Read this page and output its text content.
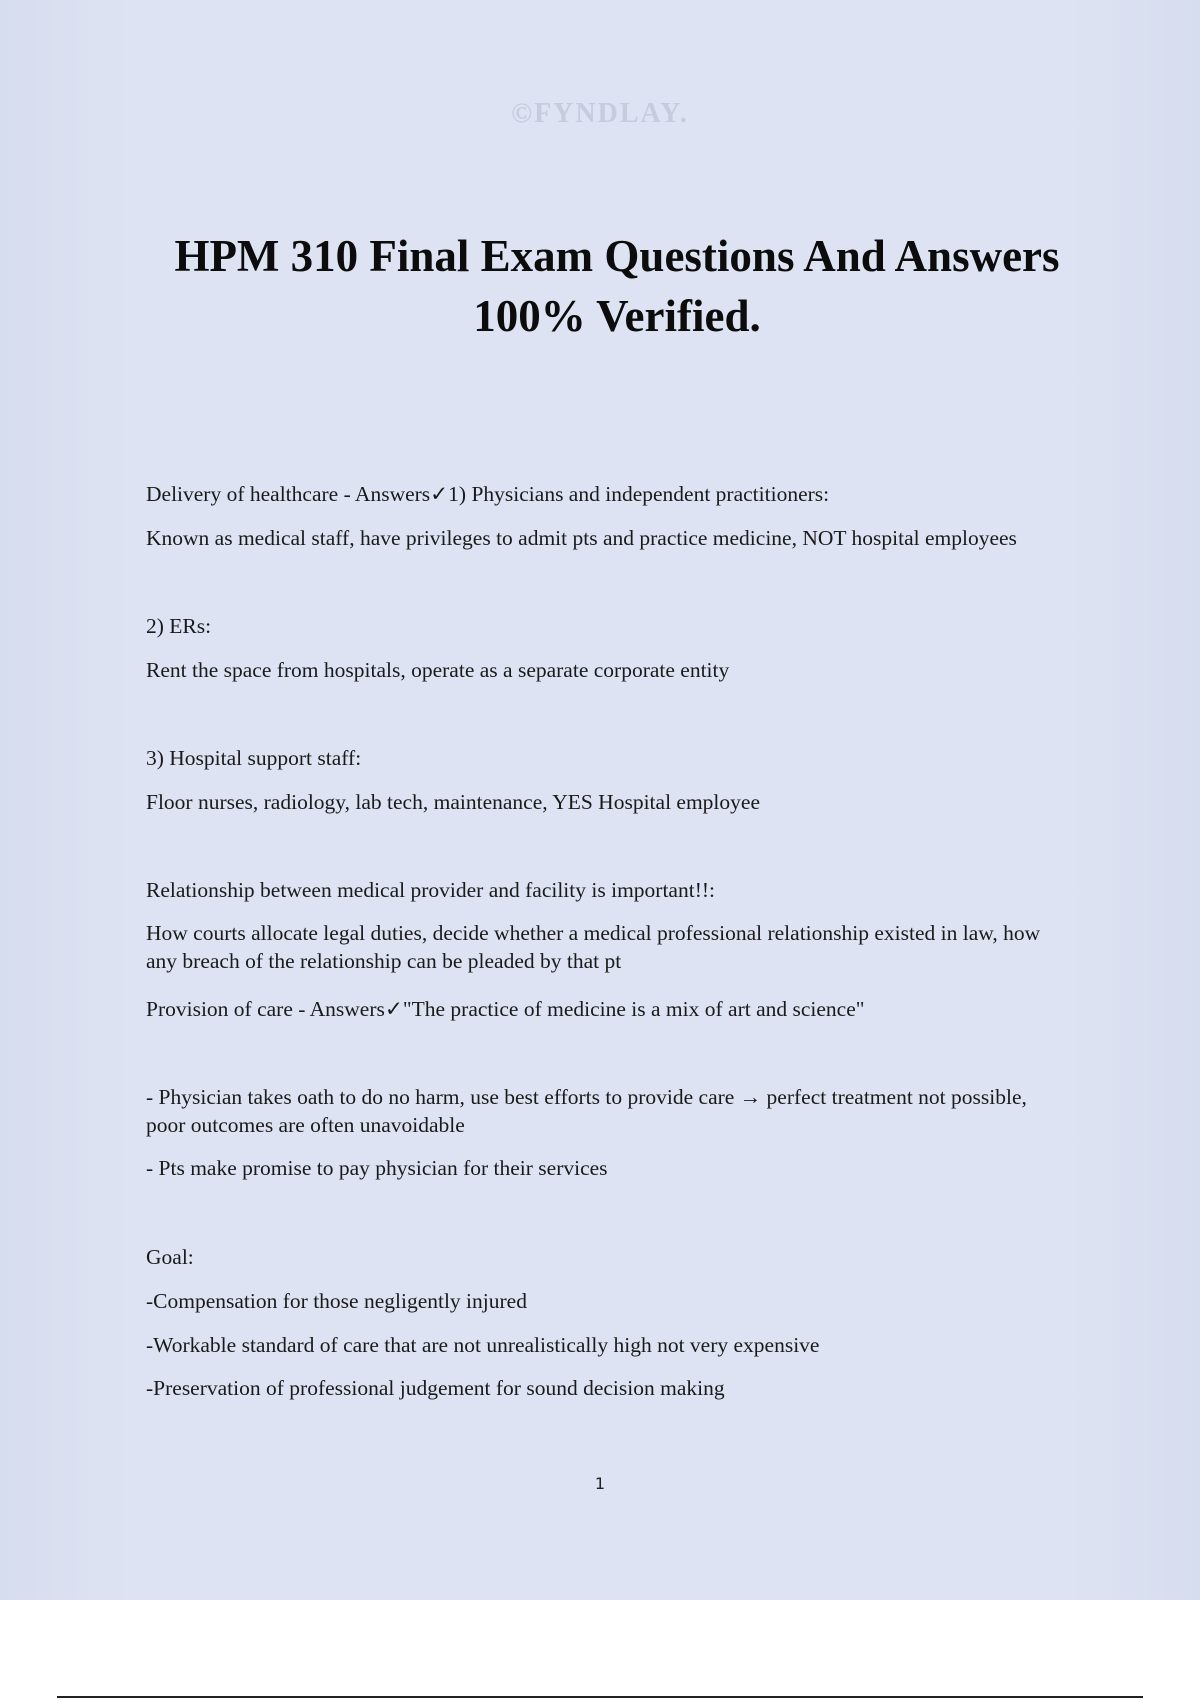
©FYNDLAY.
HPM 310 Final Exam Questions And Answers 100% Verified.

Delivery of healthcare - Answers✓1) Physicians and independent practitioners:

Known as medical staff, have privileges to admit pts and practice medicine, NOT hospital employees

2) ERs:

Rent the space from hospitals, operate as a separate corporate entity

3) Hospital support staff:

Floor nurses, radiology, lab tech, maintenance, YES Hospital employee

Relationship between medical provider and facility is important!!:

How courts allocate legal duties, decide whether a medical professional relationship existed in law, how any breach of the relationship can be pleaded by that pt

Provision of care - Answers✓"The practice of medicine is a mix of art and science"

- Physician takes oath to do no harm, use best efforts to provide care → perfect treatment not possible, poor outcomes are often unavoidable

- Pts make promise to pay physician for their services

Goal:

-Compensation for those negligently injured

-Workable standard of care that are not unrealistically high not very expensive

-Preservation of professional judgement for sound decision making

1
